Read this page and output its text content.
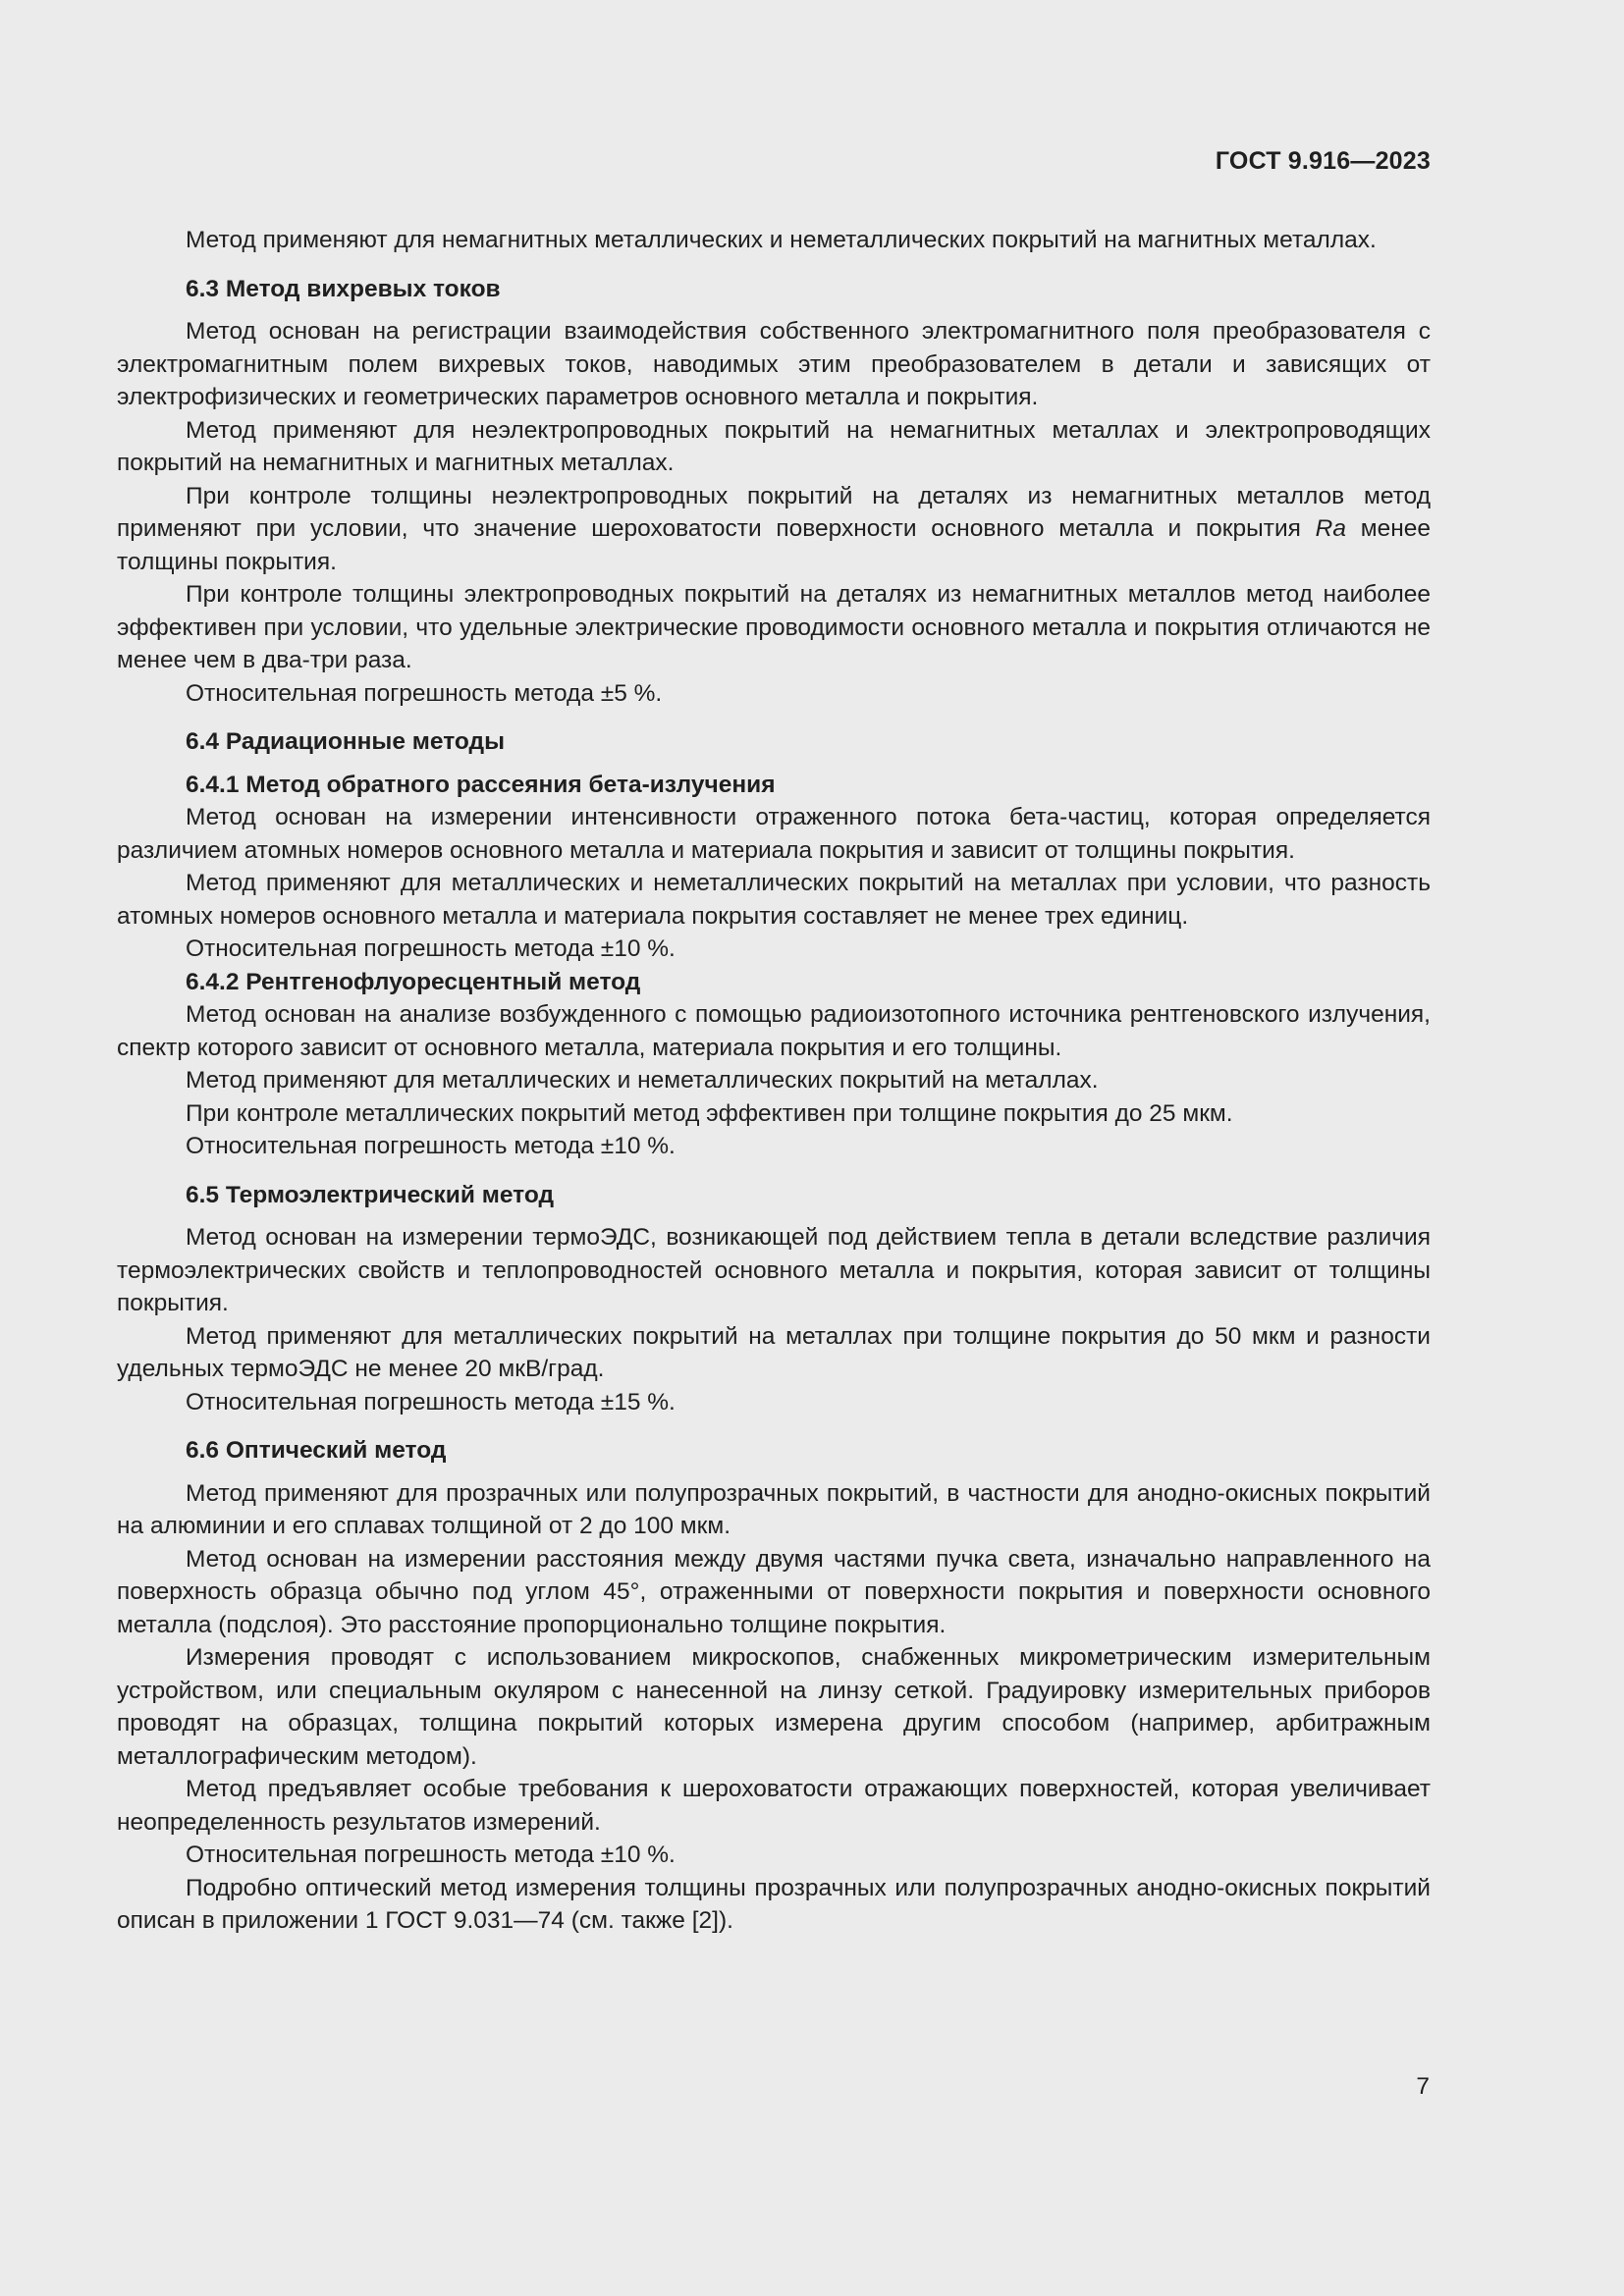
ГОСТ 9.916—2023

Метод применяют для немагнитных металлических и неметаллических покрытий на магнитных металлах.

6.3 Метод вихревых токов

Метод основан на регистрации взаимодействия собственного электромагнитного поля преобразователя с электромагнитным полем вихревых токов, наводимых этим преобразователем в детали и зависящих от электрофизических и геометрических параметров основного металла и покрытия.

Метод применяют для неэлектропроводных покрытий на немагнитных металлах и электропроводящих покрытий на немагнитных и магнитных металлах.

При контроле толщины неэлектропроводных покрытий на деталях из немагнитных металлов метод применяют при условии, что значение шероховатости поверхности основного металла и покрытия Ra менее толщины покрытия.

При контроле толщины электропроводных покрытий на деталях из немагнитных металлов метод наиболее эффективен при условии, что удельные электрические проводимости основного металла и покрытия отличаются не менее чем в два-три раза.

Относительная погрешность метода ±5 %.

6.4 Радиационные методы

6.4.1 Метод обратного рассеяния бета-излучения

Метод основан на измерении интенсивности отраженного потока бета-частиц, которая определяется различием атомных номеров основного металла и материала покрытия и зависит от толщины покрытия.

Метод применяют для металлических и неметаллических покрытий на металлах при условии, что разность атомных номеров основного металла и материала покрытия составляет не менее трех единиц.

Относительная погрешность метода ±10 %.

6.4.2 Рентгенофлуоресцентный метод

Метод основан на анализе возбужденного с помощью радиоизотопного источника рентгеновского излучения, спектр которого зависит от основного металла, материала покрытия и его толщины.

Метод применяют для металлических и неметаллических покрытий на металлах.

При контроле металлических покрытий метод эффективен при толщине покрытия до 25 мкм.

Относительная погрешность метода ±10 %.

6.5 Термоэлектрический метод

Метод основан на измерении термоЭДС, возникающей под действием тепла в детали вследствие различия термоэлектрических свойств и теплопроводностей основного металла и покрытия, которая зависит от толщины покрытия.

Метод применяют для металлических покрытий на металлах при толщине покрытия до 50 мкм и разности удельных термоЭДС не менее 20 мкВ/град.

Относительная погрешность метода ±15 %.

6.6 Оптический метод

Метод применяют для прозрачных или полупрозрачных покрытий, в частности для анодно-окисных покрытий на алюминии и его сплавах толщиной от 2 до 100 мкм.

Метод основан на измерении расстояния между двумя частями пучка света, изначально направленного на поверхность образца обычно под углом 45°, отраженными от поверхности покрытия и поверхности основного металла (подслоя). Это расстояние пропорционально толщине покрытия.

Измерения проводят с использованием микроскопов, снабженных микрометрическим измерительным устройством, или специальным окуляром с нанесенной на линзу сеткой. Градуировку измерительных приборов проводят на образцах, толщина покрытий которых измерена другим способом (например, арбитражным металлографическим методом).

Метод предъявляет особые требования к шероховатости отражающих поверхностей, которая увеличивает неопределенность результатов измерений.

Относительная погрешность метода ±10 %.

Подробно оптический метод измерения толщины прозрачных или полупрозрачных анодно-окисных покрытий описан в приложении 1 ГОСТ 9.031—74 (см. также [2]).

7
